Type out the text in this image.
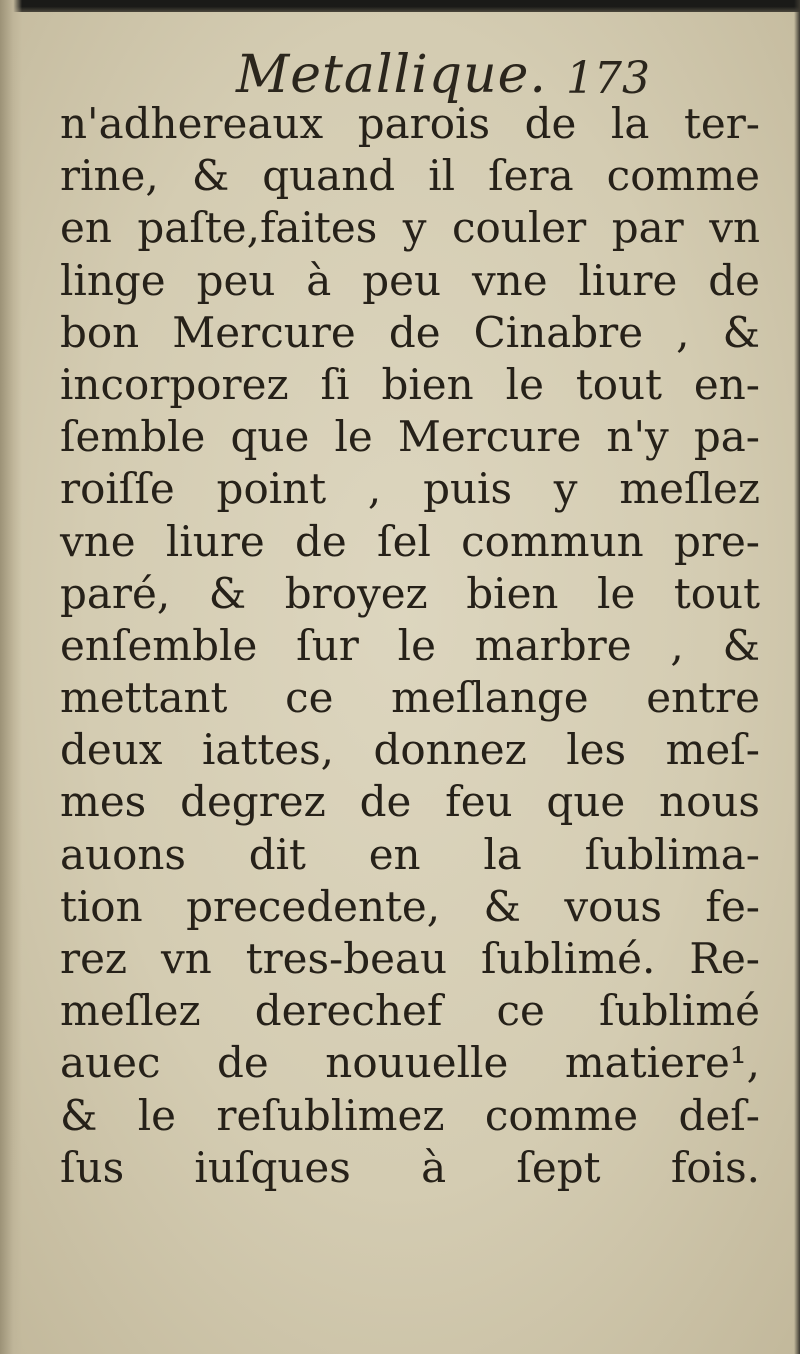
Metallique. 173
n'adhereaux parois de la ter-
rine, & quand il ſera comme
en paſte,faites y couler par vn
linge peu à peu vne liure de
bon Mercure de Cinabre , &
incorporez ſi bien le tout en-
ſemble que le Mercure n'y pa-
roiſſe point , puis y meſlez
vne liure de ſel commun pre-
paré, & broyez bien le tout
enſemble ſur le marbre , &
mettant ce meſlange entre
deux iattes, donnez les meſ-
mes degrez de feu que nous
auons dit en la ſublima-
tion precedente, & vous fe-
rez vn tres-beau ſublimé. Re-
meſlez derechef ce ſublimé
auec de nouuelle matiere¹,
& le reſublimez comme deſ-
ſus iuſques à ſept fois.
